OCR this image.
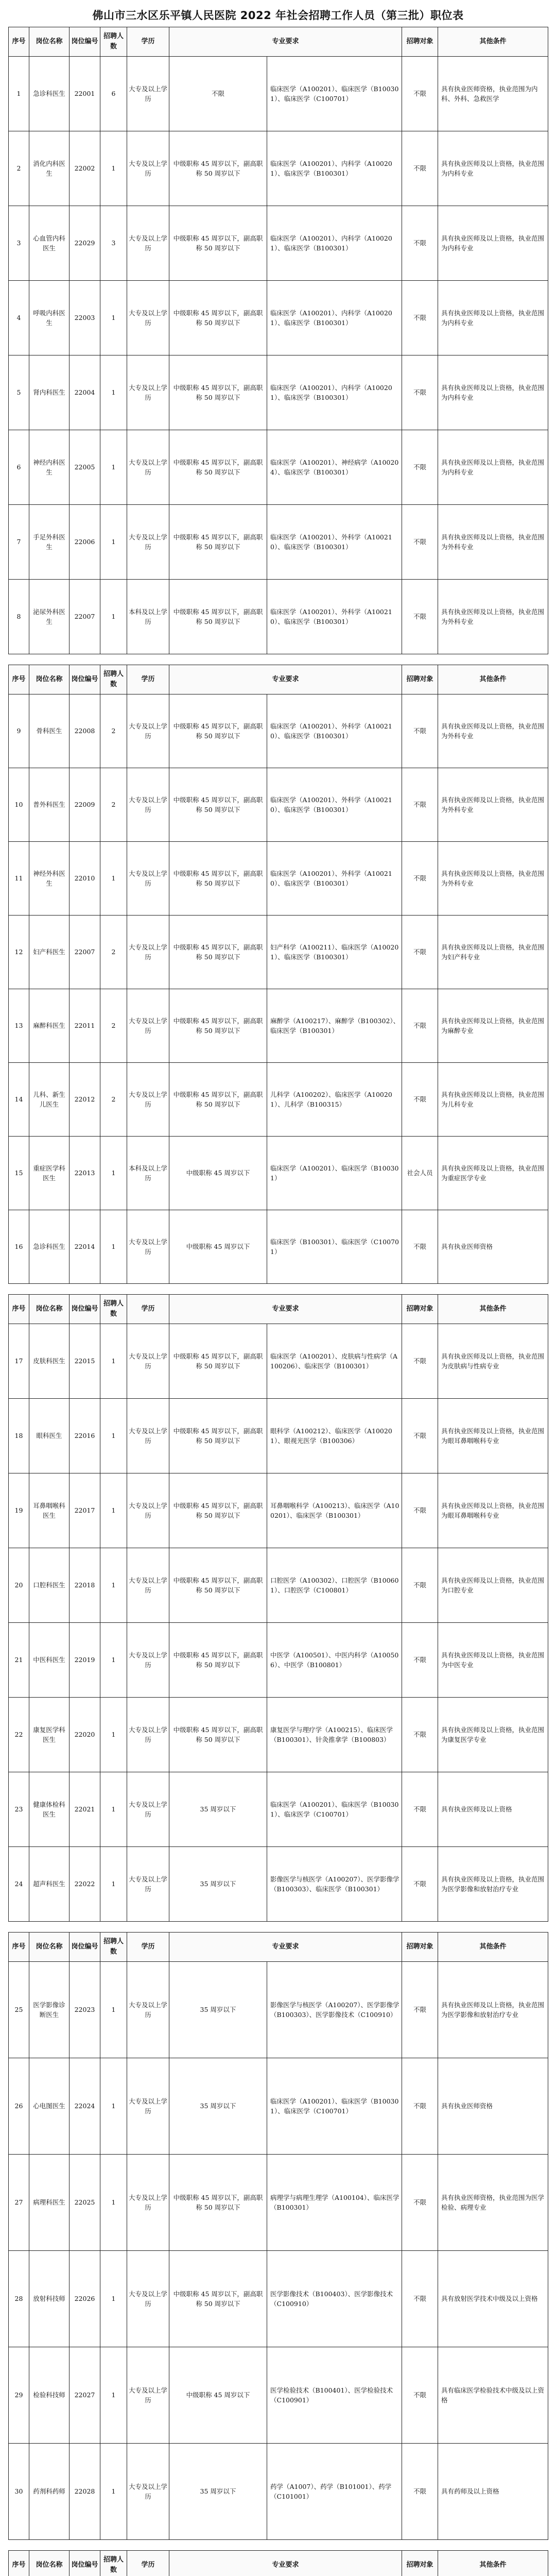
佛山市三水区乐平镇人民医院 2022 年社会招聘工作人员（第三批）职位表
序号	岗位名称	岗位编号	招聘人数	学历	专业要求		招聘对象	其他条件
1	急诊科医生	22001	6	大专及以上学历	不限	临床医学（A100201）、临床医学（B100301）、临床医学（C100701）	不限	具有执业医师资格，执业范围为内科、外科、急救医学
2	消化内科医生	22002	1	大专及以上学历	中级职称 45 周岁以下，副高职称 50 周岁以下	临床医学（A100201）、内科学（A100201）、临床医学（B100301）	不限	具有执业医师及以上资格，执业范围为内科专业
3	心血管内科医生	22029	3	大专及以上学历	中级职称 45 周岁以下，副高职称 50 周岁以下	临床医学（A100201）、内科学（A100201）、临床医学（B100301）	不限	具有执业医师及以上资格，执业范围为内科专业
4	呼吸内科医生	22003	1	大专及以上学历	中级职称 45 周岁以下，副高职称 50 周岁以下	临床医学（A100201）、内科学（A100201）、临床医学（B100301）	不限	具有执业医师及以上资格，执业范围为内科专业
5	肾内科医生	22004	1	大专及以上学历	中级职称 45 周岁以下，副高职称 50 周岁以下	临床医学（A100201）、内科学（A100201）、临床医学（B100301）	不限	具有执业医师及以上资格，执业范围为内科专业
6	神经内科医生	22005	1	大专及以上学历	中级职称 45 周岁以下，副高职称 50 周岁以下	临床医学（A100201）、神经病学（A100204）、临床医学（B100301）	不限	具有执业医师及以上资格，执业范围为内科专业
7	手足外科医生	22006	1	大专及以上学历	中级职称 45 周岁以下，副高职称 50 周岁以下	临床医学（A100201）、外科学（A100210）、临床医学（B100301）	不限	具有执业医师及以上资格，执业范围为外科专业
8	泌尿外科医生	22007	1	本科及以上学历	中级职称 45 周岁以下，副高职称 50 周岁以下	临床医学（A100201）、外科学（A100210）、临床医学（B100301）	不限	具有执业医师及以上资格，执业范围为外科专业
序号	岗位名称	岗位编号	招聘人数	学历	专业要求		招聘对象	其他条件
9	骨科医生	22008	2	大专及以上学历	中级职称 45 周岁以下，副高职称 50 周岁以下	临床医学（A100201）、外科学（A100210）、临床医学（B100301）	不限	具有执业医师及以上资格，执业范围为外科专业
10	普外科医生	22009	2	大专及以上学历	中级职称 45 周岁以下，副高职称 50 周岁以下	临床医学（A100201）、外科学（A100210）、临床医学（B100301）	不限	具有执业医师及以上资格，执业范围为外科专业
11	神经外科医生	22010	1	大专及以上学历	中级职称 45 周岁以下，副高职称 50 周岁以下	临床医学（A100201）、外科学（A100210）、临床医学（B100301）	不限	具有执业医师及以上资格，执业范围为外科专业
12	妇产科医生	22007	2	大专及以上学历	中级职称 45 周岁以下，副高职称 50 周岁以下	妇产科学（A100211）、临床医学（A100201）、临床医学（B100301）	不限	具有执业医师及以上资格，执业范围为妇产科专业
13	麻醉科医生	22011	2	大专及以上学历	中级职称 45 周岁以下，副高职称 50 周岁以下	麻醉学（A100217）、麻醉学（B100302）、临床医学（B100301）	不限	具有执业医师及以上资格，执业范围为麻醉专业
14	儿科、新生儿医生	22012	2	大专及以上学历	中级职称 45 周岁以下，副高职称 50 周岁以下	儿科学（A100202）、临床医学（A100201）、儿科学（B100315）	不限	具有执业医师及以上资格，执业范围为儿科专业
15	重症医学科医生	22013	1	本科及以上学历	中级职称 45 周岁以下	临床医学（A100201）、临床医学（B100301）	社会人员	具有执业医师及以上资格，执业范围为重症医学专业
16	急诊科医生	22014	1	大专及以上学历	中级职称 45 周岁以下	临床医学（B100301）、临床医学（C100701）	不限	具有执业医师资格
序号	岗位名称	岗位编号	招聘人数	学历	专业要求		招聘对象	其他条件
17	皮肤科医生	22015	1	大专及以上学历	中级职称 45 周岁以下，副高职称 50 周岁以下	临床医学（A100201）、皮肤病与性病学（A100206）、临床医学（B100301）	不限	具有执业医师及以上资格，执业范围为皮肤病与性病专业
18	眼科医生	22016	1	大专及以上学历	中级职称 45 周岁以下，副高职称 50 周岁以下	眼科学（A100212）、临床医学（A100201）、眼视光医学（B100306）	不限	具有执业医师及以上资格，执业范围为眼耳鼻咽喉科专业
19	耳鼻咽喉科医生	22017	1	大专及以上学历	中级职称 45 周岁以下，副高职称 50 周岁以下	耳鼻咽喉科学（A100213）、临床医学（A100201）、临床医学（B100301）	不限	具有执业医师及以上资格，执业范围为眼耳鼻咽喉科专业
20	口腔科医生	22018	1	大专及以上学历	中级职称 45 周岁以下，副高职称 50 周岁以下	口腔医学（A100302）、口腔医学（B100601）、口腔医学（C100801）	不限	具有执业医师及以上资格，执业范围为口腔专业
21	中医科医生	22019	1	大专及以上学历	中级职称 45 周岁以下，副高职称 50 周岁以下	中医学（A100501）、中医内科学（A100506）、中医学（B100801）	不限	具有执业医师及以上资格，执业范围为中医专业
22	康复医学科医生	22020	1	大专及以上学历	中级职称 45 周岁以下，副高职称 50 周岁以下	康复医学与理疗学（A100215）、临床医学（B100301）、针灸推拿学（B100803）	不限	具有执业医师及以上资格，执业范围为康复医学专业
23	健康体检科医生	22021	1	大专及以上学历	35 周岁以下	临床医学（A100201）、临床医学（B100301）、临床医学（C100701）	不限	具有执业医师及以上资格
24	超声科医生	22022	1	大专及以上学历	35 周岁以下	影像医学与核医学（A100207）、医学影像学（B100303）、临床医学（B100301）	不限	具有执业医师及以上资格，执业范围为医学影像和放射治疗专业
序号	岗位名称	岗位编号	招聘人数	学历	专业要求		招聘对象	其他条件
25	医学影像诊断医生	22023	1	大专及以上学历	35 周岁以下	影像医学与核医学（A100207）、医学影像学（B100303）、医学影像技术（C100910）	不限	具有执业医师及以上资格，执业范围为医学影像和放射治疗专业
26	心电图医生	22024	1	大专及以上学历	35 周岁以下	临床医学（A100201）、临床医学（B100301）、临床医学（C100701）	不限	具有执业医师资格
27	病理科医生	22025	1	大专及以上学历	中级职称 45 周岁以下，副高职称 50 周岁以下	病理学与病理生理学（A100104）、临床医学（B100301）	不限	具有执业医师资格，执业范围为医学检验、病理专业
28	放射科技师	22026	1	大专及以上学历	中级职称 45 周岁以下，副高职称 50 周岁以下	医学影像技术（B100403）、医学影像技术（C100910）	不限	具有放射医学技术中级及以上资格
29	检验科技师	22027	1	大专及以上学历	中级职称 45 周岁以下	医学检验技术（B100401）、医学检验技术（C100901）	不限	具有临床医学检验技术中级及以上资格
30	药剂科药师	22028	1	大专及以上学历	35 周岁以下	药学（A1007）、药学（B101001）、药学（C101001）	不限	具有药师及以上资格
序号	岗位名称	岗位编号	招聘人数	学历	专业要求		招聘对象	其他条件
